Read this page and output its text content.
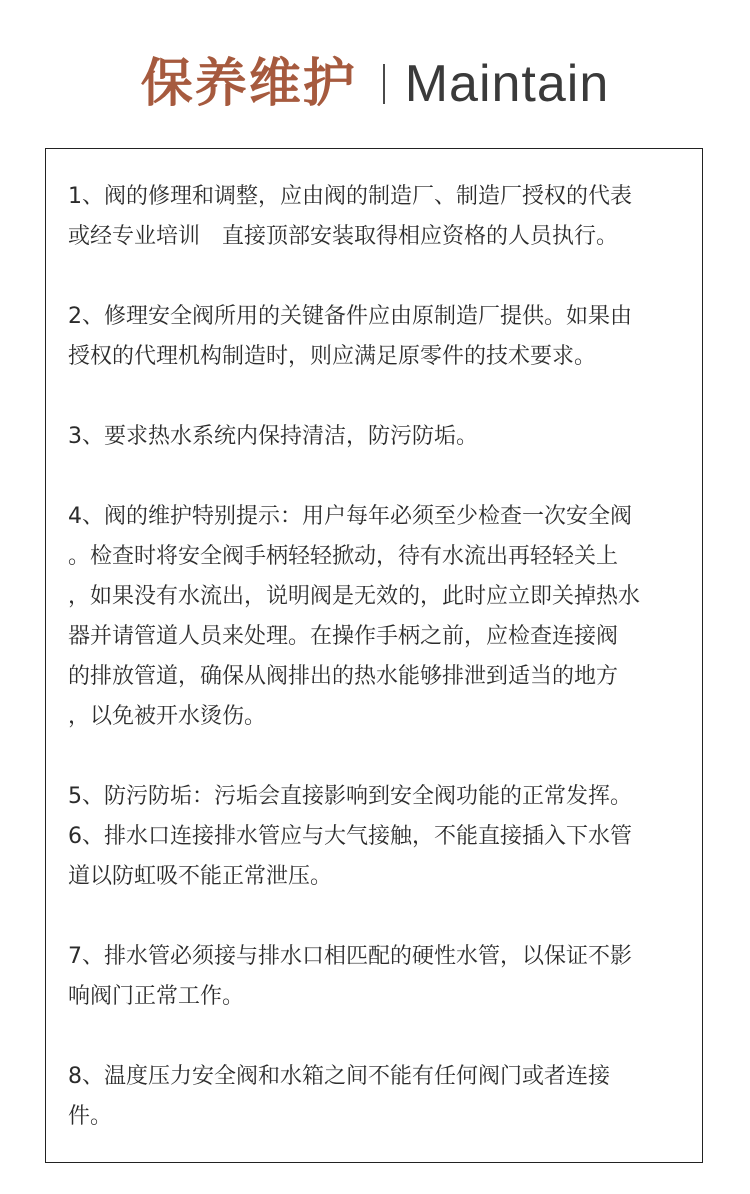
保养维护 Maintain

1、阀的修理和调整，应由阀的制造厂、制造厂授权的代表
或经专业培训　直接顶部安装取得相应资格的人员执行。

2、修理安全阀所用的关键备件应由原制造厂提供。如果由
授权的代理机构制造时，则应满足原零件的技术要求。

3、要求热水系统内保持清洁，防污防垢。

4、阀的维护特别提示：用户每年必须至少检查一次安全阀
。检查时将安全阀手柄轻轻掀动，待有水流出再轻轻关上
，如果没有水流出，说明阀是无效的，此时应立即关掉热水
器并请管道人员来处理。在操作手柄之前，应检查连接阀
的排放管道，确保从阀排出的热水能够排泄到适当的地方
，以免被开水烫伤。

5、防污防垢：污垢会直接影响到安全阀功能的正常发挥。
6、排水口连接排水管应与大气接触，不能直接插入下水管
道以防虹吸不能正常泄压。

7、排水管必须接与排水口相匹配的硬性水管，以保证不影
响阀门正常工作。

8、温度压力安全阀和水箱之间不能有任何阀门或者连接
件。
